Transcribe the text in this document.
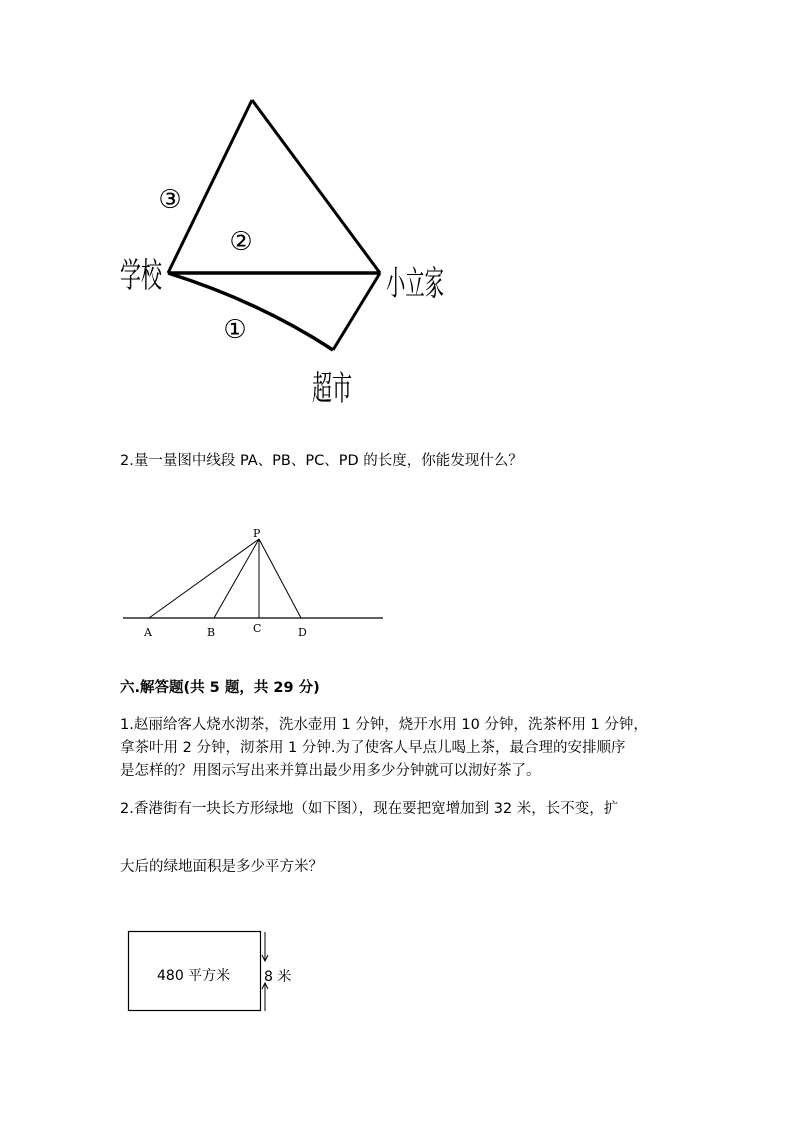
③
②
①
学校	小立家
超市
2.量一量图中线段 PA、PB、PC、PD 的长度，你能发现什么？
P
A	B	C	D
六.解答题(共 5 题，共 29 分)
1.赵丽给客人烧水沏茶，洗水壶用 1 分钟，烧开水用 10 分钟，洗茶杯用 1 分钟，
拿茶叶用 2 分钟，沏茶用 1 分钟.为了使客人早点儿喝上茶，最合理的安排顺序
是怎样的？用图示写出来并算出最少用多少分钟就可以沏好茶了。
2.香港街有一块长方形绿地（如下图），现在要把宽增加到 32 米，长不变，扩
大后的绿地面积是多少平方米？
480 平方米 8 米
